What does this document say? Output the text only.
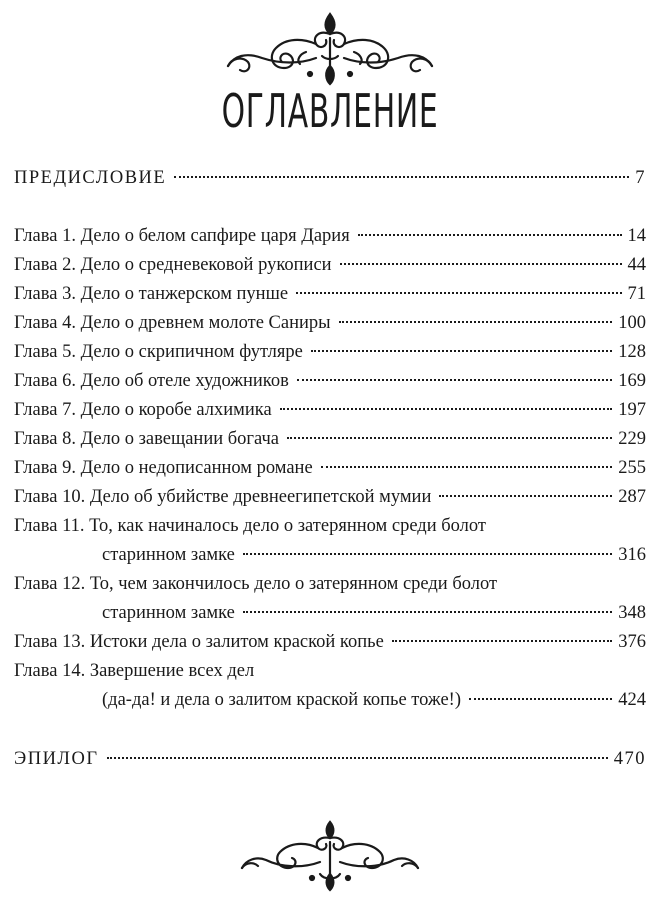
ОГЛАВЛЕНИЕ
ПРЕДИСЛОВИЕ	7
Глава 1. Дело о белом сапфире царя Дария	14
Глава 2. Дело о средневековой рукописи	44
Глава 3. Дело о танжерском пунше	71
Глава 4. Дело о древнем молоте Саниры	100
Глава 5. Дело о скрипичном футляре	128
Глава 6. Дело об отеле художников	169
Глава 7. Дело о коробе алхимика	197
Глава 8. Дело о завещании богача	229
Глава 9. Дело о недописанном романе	255
Глава 10. Дело об убийстве древнеегипетской мумии	287
Глава 11. То, как начиналось дело о затерянном среди болот
старинном замке	316
Глава 12. То, чем закончилось дело о затерянном среди болот
старинном замке	348
Глава 13. Истоки дела о залитом краской копье	376
Глава 14. Завершение всех дел
(да-да! и дела о залитом краской копье тоже!)	424
ЭПИЛОГ	470
